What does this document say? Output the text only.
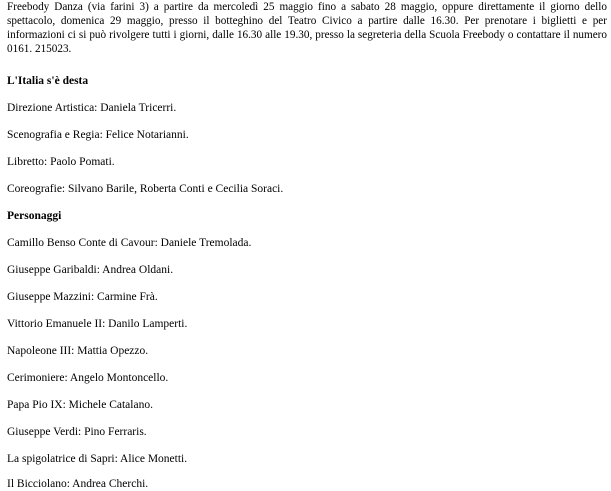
Freebody Danza (via farini 3) a partire da mercoledì 25 maggio fino a sabato 28 maggio, oppure direttamente il giorno dello spettacolo, domenica 29 maggio, presso il botteghino del Teatro Civico a partire dalle 16.30. Per prenotare i biglietti e per informazioni ci si può rivolgere tutti i giorni, dalle 16.30 alle 19.30, presso la segreteria della Scuola Freebody o contattare il numero 0161. 215023.

L'Italia s'è desta

Direzione Artistica: Daniela Tricerri.

Scenografia e Regia: Felice Notarianni.

Libretto: Paolo Pomati.

Coreografie: Silvano Barile, Roberta Conti e Cecilia Soraci.

Personaggi

Camillo Benso Conte di Cavour: Daniele Tremolada.

Giuseppe Garibaldi: Andrea Oldani.

Giuseppe Mazzini: Carmine Frà.

Vittorio Emanuele II: Danilo Lamperti.

Napoleone III: Mattia Opezzo.

Cerimoniere: Angelo Montoncello.

Papa Pio IX: Michele Catalano.

Giuseppe Verdi: Pino Ferraris.

La spigolatrice di Sapri: Alice Monetti.

Il Bicciolano: Andrea Cherchi.
